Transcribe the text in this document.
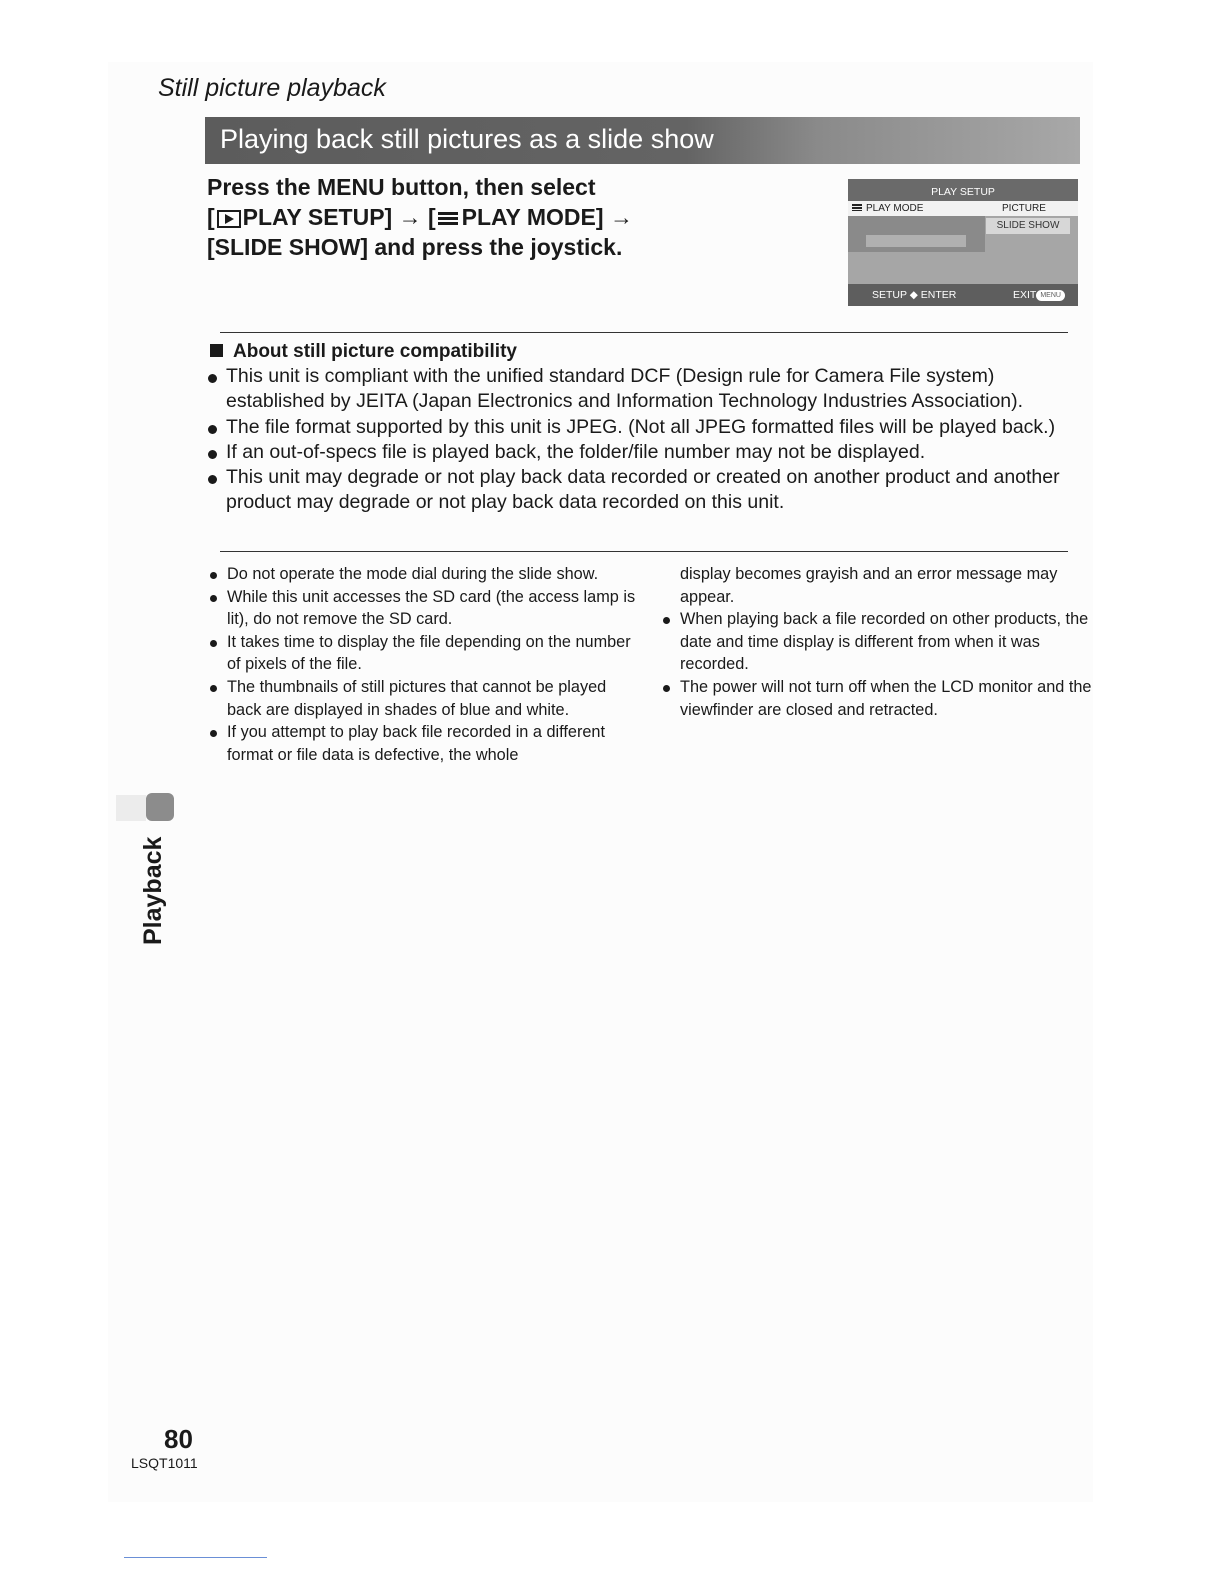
Still picture playback
Playing back still pictures as a slide show
Press the MENU button, then select
[ PLAY SETUP] → [ PLAY MODE] →
[SLIDE SHOW] and press the joystick.
PLAY SETUP
PLAY MODE	PICTURE
SLIDE SHOW
SETUP ◆ ENTER	EXIT MENU
About still picture compatibility
This unit is compliant with the unified standard DCF (Design rule for Camera File system) established by JEITA (Japan Electronics and Information Technology Industries Association).
The file format supported by this unit is JPEG. (Not all JPEG formatted files will be played back.)
If an out-of-specs file is played back, the folder/file number may not be displayed.
This unit may degrade or not play back data recorded or created on another product and another product may degrade or not play back data recorded on this unit.
Do not operate the mode dial during the slide show.
While this unit accesses the SD card (the access lamp is lit), do not remove the SD card.
It takes time to display the file depending on the number of pixels of the file.
The thumbnails of still pictures that cannot be played back are displayed in shades of blue and white.
If you attempt to play back file recorded in a different format or file data is defective, the whole
display becomes grayish and an error message may appear.
When playing back a file recorded on other products, the date and time display is different from when it was recorded.
The power will not turn off when the LCD monitor and the viewfinder are closed and retracted.
Playback
80
LSQT1011
